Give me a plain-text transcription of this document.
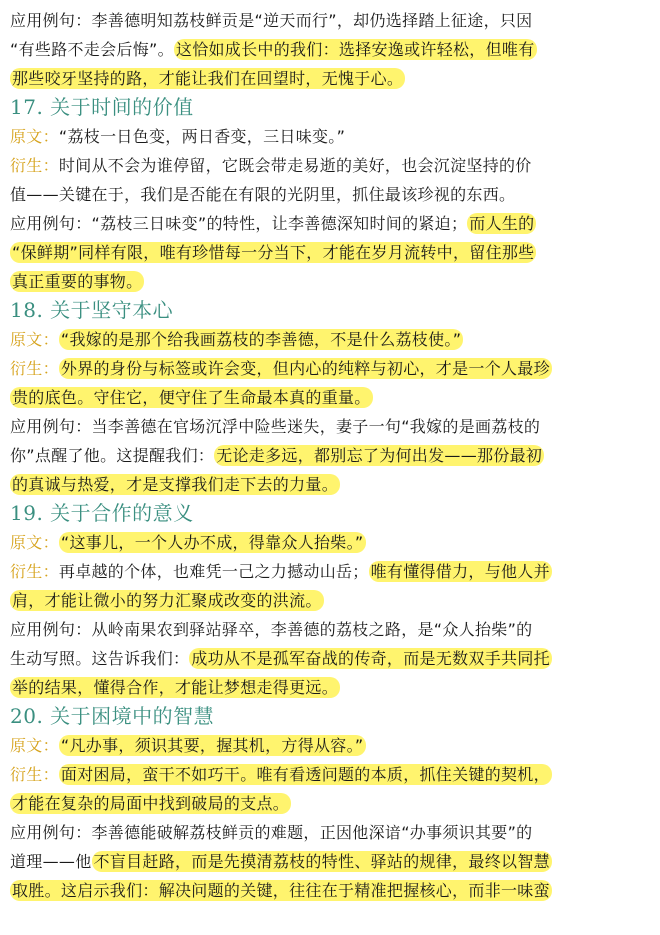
应用例句：李善德明知荔枝鲜贡是“逆天而行”，却仍选择踏上征途，只因
“有些路不走会后悔”。 这恰如成长中的我们：选择安逸或许轻松，但唯有
那些咬牙坚持的路，才能让我们在回望时，无愧于心。
17. 关于时间的价值
原文：“荔枝一日色变，两日香变，三日味变。”
衍生：时间从不会为谁停留，它既会带走易逝的美好，也会沉淀坚持的价
值——关键在于，我们是否能在有限的光阴里，抓住最该珍视的东西。
应用例句：“荔枝三日味变”的特性，让李善德深知时间的紧迫； 而人生的
“保鲜期”同样有限，唯有珍惜每一分当下，才能在岁月流转中，留住那些
真正重要的事物。
18. 关于坚守本心
原文： “我嫁的是那个给我画荔枝的李善德，不是什么荔枝使。”
衍生： 外界的身份与标签或许会变，但内心的纯粹与初心，才是一个人最珍
贵的底色。守住它，便守住了生命最本真的重量。
应用例句：当李善德在官场沉浮中险些迷失，妻子一句“我嫁的是画荔枝的
你”点醒了他。这提醒我们： 无论走多远，都别忘了为何出发——那份最初
的真诚与热爱，才是支撑我们走下去的力量。
19. 关于合作的意义
原文： “这事儿，一个人办不成，得靠众人抬柴。”
衍生：再卓越的个体，也难凭一己之力撼动山岳； 唯有懂得借力，与他人并
肩，才能让微小的努力汇聚成改变的洪流。
应用例句：从岭南果农到驿站驿卒，李善德的荔枝之路，是“众人抬柴”的
生动写照。这告诉我们： 成功从不是孤军奋战的传奇，而是无数双手共同托
举的结果，懂得合作，才能让梦想走得更远。
20. 关于困境中的智慧
原文： “凡办事，须识其要，握其机，方得从容。”
衍生： 面对困局，蛮干不如巧干。唯有看透问题的本质，抓住关键的契机，
才能在复杂的局面中找到破局的支点。
应用例句：李善德能破解荔枝鲜贡的难题，正因他深谙“办事须识其要”的
道理——他 不盲目赶路，而是先摸清荔枝的特性、驿站的规律，最终以智慧
取胜。这启示我们：解决问题的关键，往往在于精准把握核心，而非一味蛮
